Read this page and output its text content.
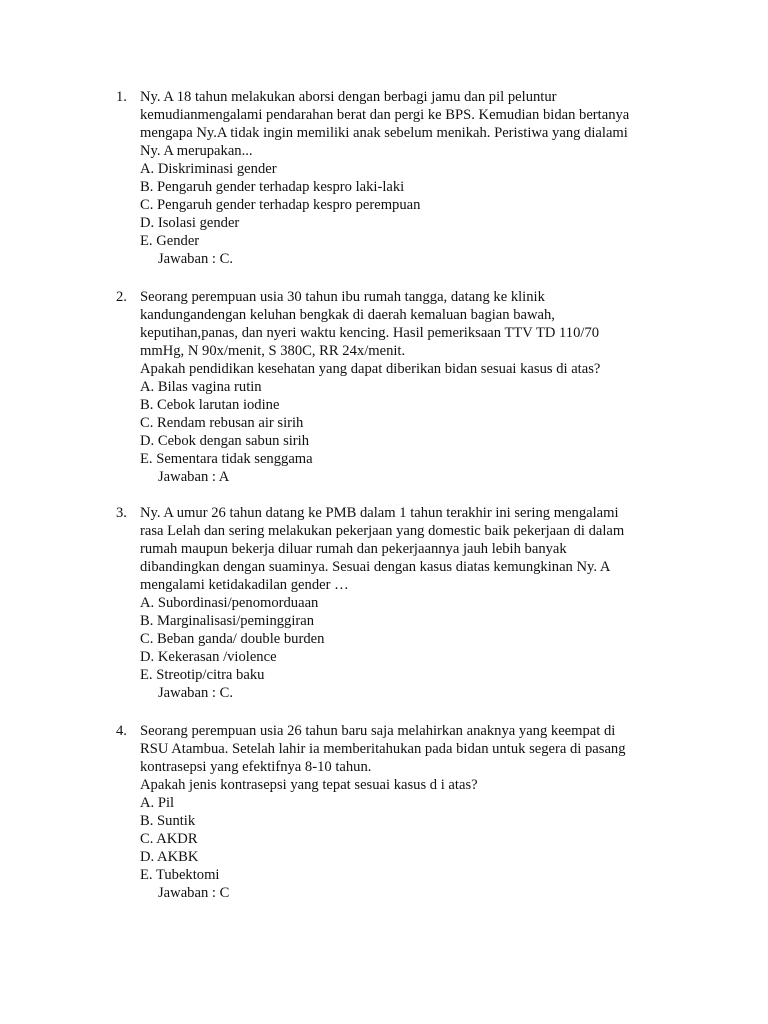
1. Ny. A 18 tahun melakukan aborsi dengan berbagi jamu dan pil peluntur
kemudianmengalami pendarahan berat dan pergi ke BPS. Kemudian bidan bertanya
mengapa Ny.A tidak ingin memiliki anak sebelum menikah. Peristiwa yang dialami
Ny. A merupakan...
A. Diskriminasi gender
B. Pengaruh gender terhadap kespro laki-laki
C. Pengaruh gender terhadap kespro perempuan
D. Isolasi gender
E. Gender
Jawaban : C.
2. Seorang perempuan usia 30 tahun ibu rumah tangga, datang ke klinik
kandungandengan keluhan bengkak di daerah kemaluan bagian bawah,
keputihan,panas, dan nyeri waktu kencing. Hasil pemeriksaan TTV TD 110/70
mmHg, N 90x/menit, S 380C, RR 24x/menit.
Apakah pendidikan kesehatan yang dapat diberikan bidan sesuai kasus di atas?
A. Bilas vagina rutin
B. Cebok larutan iodine
C. Rendam rebusan air sirih
D. Cebok dengan sabun sirih
E. Sementara tidak senggama
Jawaban : A
3. Ny. A umur 26 tahun datang ke PMB dalam 1 tahun terakhir ini sering mengalami
rasa Lelah dan sering melakukan pekerjaan yang domestic baik pekerjaan di dalam
rumah maupun bekerja diluar rumah dan pekerjaannya jauh lebih banyak
dibandingkan dengan suaminya. Sesuai dengan kasus diatas kemungkinan Ny. A
mengalami ketidakadilan gender …
A. Subordinasi/penomorduaan
B. Marginalisasi/peminggiran
C. Beban ganda/ double burden
D. Kekerasan /violence
E. Streotip/citra baku
Jawaban : C.
4. Seorang perempuan usia 26 tahun baru saja melahirkan anaknya yang keempat di
RSU Atambua. Setelah lahir ia memberitahukan pada bidan untuk segera di pasang
kontrasepsi yang efektifnya 8-10 tahun.
Apakah jenis kontrasepsi yang tepat sesuai kasus d i atas?
A. Pil
B. Suntik
C. AKDR
D. AKBK
E. Tubektomi
Jawaban : C
